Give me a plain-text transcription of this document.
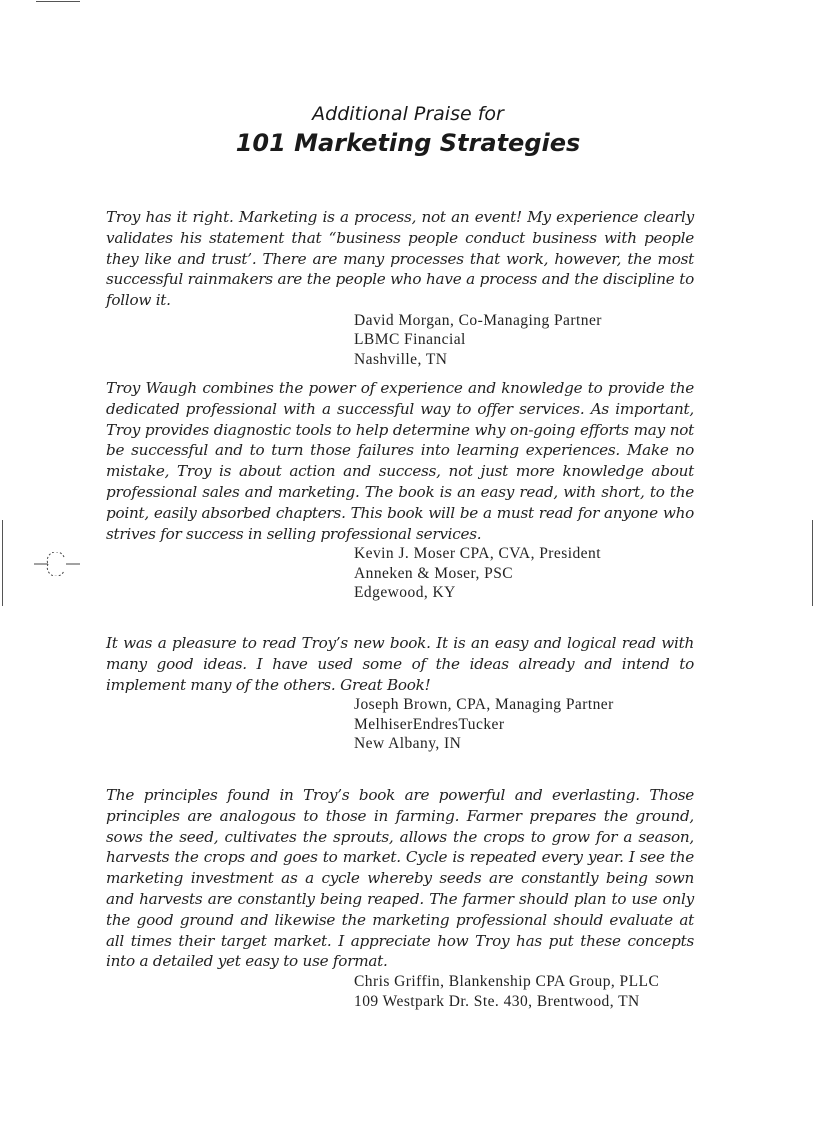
Additional Praise for
101 Marketing Strategies

Troy has it right. Marketing is a process, not an event! My experience clearly validates his statement that “business people conduct business with people they like and trust’. There are many processes that work, however, the most successful rainmakers are the people who have a process and the discipline to follow it.

David Morgan, Co-Managing Partner
LBMC Financial
Nashville, TN

Troy Waugh combines the power of experience and knowledge to provide the dedicated professional with a successful way to offer services. As important, Troy provides diagnostic tools to help determine why on-going efforts may not be successful and to turn those failures into learning experiences. Make no mistake, Troy is about action and success, not just more knowledge about professional sales and marketing. The book is an easy read, with short, to the point, easily absorbed chapters. This book will be a must read for anyone who strives for success in selling professional services.

Kevin J. Moser CPA, CVA, President
Anneken & Moser, PSC
Edgewood, KY

It was a pleasure to read Troy’s new book. It is an easy and logical read with many good ideas. I have used some of the ideas already and intend to implement many of the others. Great Book!

Joseph Brown, CPA, Managing Partner
MelhiserEndresTucker
New Albany, IN

The principles found in Troy’s book are powerful and everlasting. Those principles are analogous to those in farming. Farmer prepares the ground, sows the seed, cultivates the sprouts, allows the crops to grow for a season, harvests the crops and goes to market. Cycle is repeated every year. I see the marketing investment as a cycle whereby seeds are constantly being sown and harvests are constantly being reaped. The farmer should plan to use only the good ground and likewise the marketing professional should evaluate at all times their target market. I appreciate how Troy has put these concepts into a detailed yet easy to use format.

Chris Griffin, Blankenship CPA Group, PLLC
109 Westpark Dr. Ste. 430, Brentwood, TN
